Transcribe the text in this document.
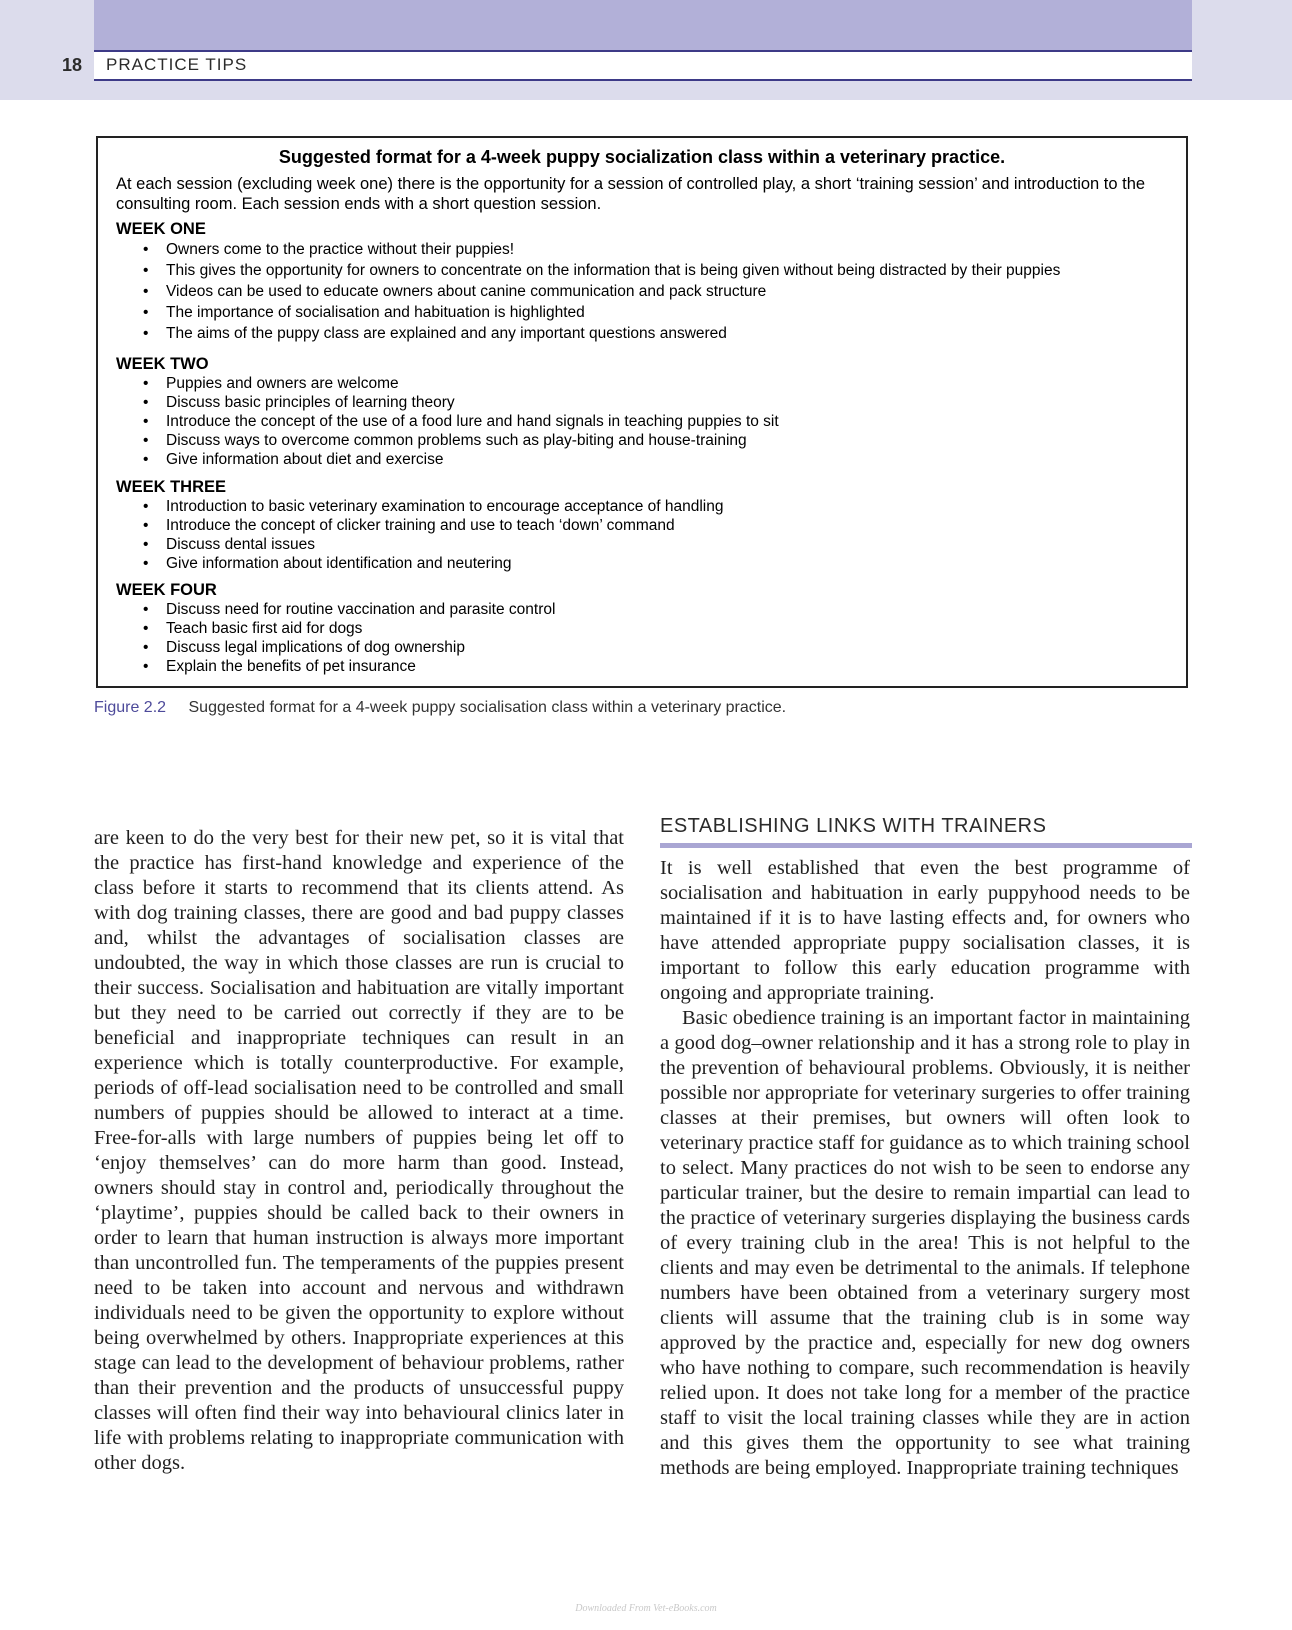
18 PRACTICE TIPS
Suggested format for a 4-week puppy socialization class within a veterinary practice.
At each session (excluding week one) there is the opportunity for a session of controlled play, a short ‘training session’ and introduction to the consulting room. Each session ends with a short question session.
WEEK ONE
• Owners come to the practice without their puppies!
• This gives the opportunity for owners to concentrate on the information that is being given without being distracted by their puppies
• Videos can be used to educate owners about canine communication and pack structure
• The importance of socialisation and habituation is highlighted
• The aims of the puppy class are explained and any important questions answered
WEEK TWO
• Puppies and owners are welcome
• Discuss basic principles of learning theory
• Introduce the concept of the use of a food lure and hand signals in teaching puppies to sit
• Discuss ways to overcome common problems such as play-biting and house-training
• Give information about diet and exercise
WEEK THREE
• Introduction to basic veterinary examination to encourage acceptance of handling
• Introduce the concept of clicker training and use to teach ‘down’ command
• Discuss dental issues
• Give information about identification and neutering
WEEK FOUR
• Discuss need for routine vaccination and parasite control
• Teach basic first aid for dogs
• Discuss legal implications of dog ownership
• Explain the benefits of pet insurance
Figure 2.2 Suggested format for a 4-week puppy socialisation class within a veterinary practice.

are keen to do the very best for their new pet, so it is vital that the practice has first-hand knowledge and experience of the class before it starts to recommend that its clients attend. As with dog training classes, there are good and bad puppy classes and, whilst the advantages of socialisation classes are undoubted, the way in which those classes are run is crucial to their success. Socialisation and habituation are vitally important but they need to be carried out correctly if they are to be beneficial and inappropriate techniques can result in an experience which is totally counterproductive. For example, periods of off-lead socialisation need to be controlled and small numbers of puppies should be allowed to interact at a time. Free-for-alls with large numbers of puppies being let off to ‘enjoy themselves’ can do more harm than good. Instead, owners should stay in control and, periodically throughout the ‘playtime’, puppies should be called back to their owners in order to learn that human instruction is always more important than uncontrolled fun. The temperaments of the puppies present need to be taken into account and nervous and withdrawn individuals need to be given the opportunity to explore without being overwhelmed by others. Inappropriate experiences at this stage can lead to the development of behaviour problems, rather than their prevention and the products of unsuccessful puppy classes will often find their way into behavioural clinics later in life with problems relating to inappropriate communication with other dogs.

ESTABLISHING LINKS WITH TRAINERS

It is well established that even the best programme of socialisation and habituation in early puppyhood needs to be maintained if it is to have lasting effects and, for owners who have attended appropriate puppy socialisation classes, it is important to follow this early education programme with ongoing and appropriate training.

Basic obedience training is an important factor in maintaining a good dog–owner relationship and it has a strong role to play in the prevention of behavioural problems. Obviously, it is neither possible nor appropriate for veterinary surgeries to offer training classes at their premises, but owners will often look to veterinary practice staff for guidance as to which training school to select. Many practices do not wish to be seen to endorse any particular trainer, but the desire to remain impartial can lead to the practice of veterinary surgeries displaying the business cards of every training club in the area! This is not helpful to the clients and may even be detrimental to the animals. If telephone numbers have been obtained from a veterinary surgery most clients will assume that the training club is in some way approved by the practice and, especially for new dog owners who have nothing to compare, such recommendation is heavily relied upon. It does not take long for a member of the practice staff to visit the local training classes while they are in action and this gives them the opportunity to see what training methods are being employed. Inappropriate training techniques

Downloaded From Vet-eBooks.com
